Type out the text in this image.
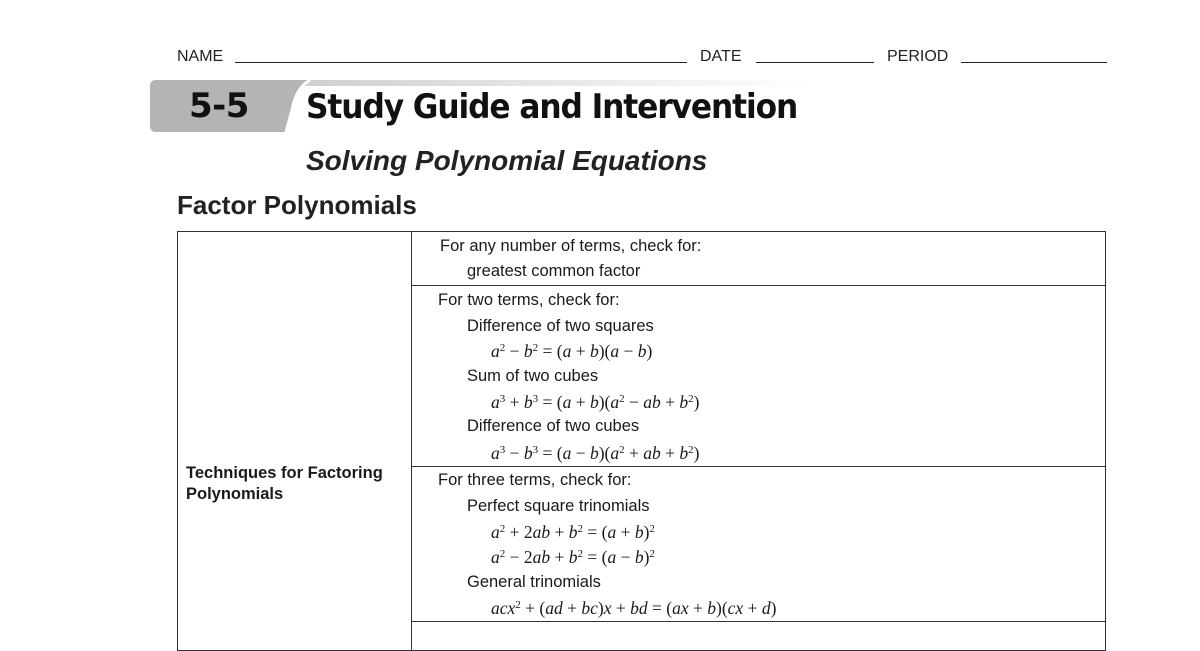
NAME	DATE	PERIOD
5-5 Study Guide and Intervention
Solving Polynomial Equations
Factor Polynomials
Techniques for Factoring Polynomials
For any number of terms, check for:
greatest common factor
For two terms, check for:
Difference of two squares
$a^2 - b^2 = (a + b)(a - b)$
Sum of two cubes
$a^3 + b^3 = (a + b)(a^2$ − ab + $b^2$)
Difference of two cubes
$a^3 - b^3 = (a - b)(a^2$ + ab + $b^2$)
For three terms, check for:
Perfect square trinomials
$a^2 + 2ab + b^2 = (a + b)^2$
$a^2 - 2ab + b^2 = (a - b)^2$
General trinomials
acx$^2$ + (ad + bc)x + bd = (ax + b)(cx + d)
